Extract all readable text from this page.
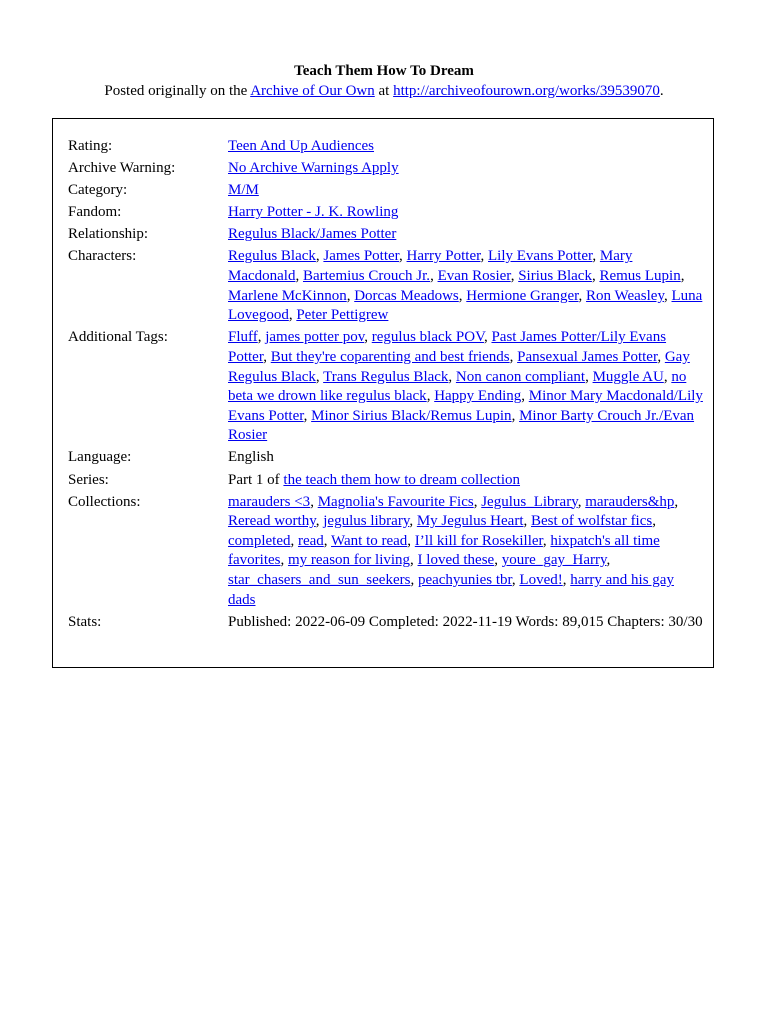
Teach Them How To Dream
Posted originally on the Archive of Our Own at http://archiveofourown.org/works/39539070.
Rating:	Teen And Up Audiences
Archive Warning:	No Archive Warnings Apply
Category:	M/M
Fandom:	Harry Potter - J. K. Rowling
Relationship:	Regulus Black/James Potter
Characters:	Regulus Black, James Potter, Harry Potter, Lily Evans Potter, Mary Macdonald, Bartemius Crouch Jr., Evan Rosier, Sirius Black, Remus Lupin, Marlene McKinnon, Dorcas Meadows, Hermione Granger, Ron Weasley, Luna Lovegood, Peter Pettigrew
Additional Tags:	Fluff, james potter pov, regulus black POV, Past James Potter/Lily Evans Potter, But they're coparenting and best friends, Pansexual James Potter, Gay Regulus Black, Trans Regulus Black, Non canon compliant, Muggle AU, no beta we drown like regulus black, Happy Ending, Minor Mary Macdonald/Lily Evans Potter, Minor Sirius Black/Remus Lupin, Minor Barty Crouch Jr./Evan Rosier
Language:	English
Series:	Part 1 of the teach them how to dream collection
Collections:	marauders <3, Magnolia's Favourite Fics, Jegulus_Library, marauders&hp, Reread worthy, jegulus library, My Jegulus Heart, Best of wolfstar fics, completed, read, Want to read, I’ll kill for Rosekiller, hixpatch's all time favorites, my reason for living, I loved these, youre_gay_Harry, star_chasers_and_sun_seekers, peachyunies tbr, Loved!, harry and his gay dads
Stats:	Published: 2022-06-09 Completed: 2022-11-19 Words: 89,015 Chapters: 30/30
